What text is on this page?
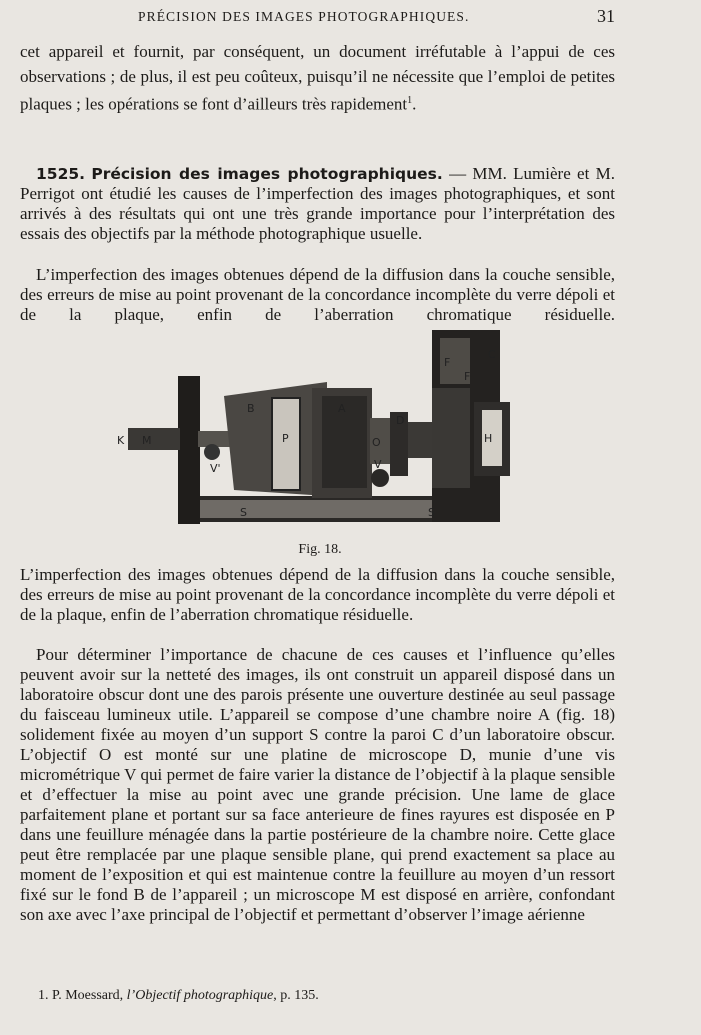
PRÉCISION DES IMAGES PHOTOGRAPHIQUES.	31
cet appareil et fournit, par conséquent, un document irréfutable à l’appui de ces observations ; de plus, il est peu coûteux, puisqu’il ne nécessite que l’emploi de petites plaques ; les opérations se font d’ailleurs très rapidement$^1$.
1525. Précision des images photographiques. — MM. Lumière et M. Perrigot ont étudié les causes de l’imperfection des images photographiques, et sont arrivés à des résultats qui ont une très grande importance pour l’interprétation des essais des objectifs par la méthode photographique usuelle.
L’imperfection des images obtenues dépend de la diffusion dans la couche sensible, des erreurs de mise au point provenant de la concordance incomplète du verre dépoli et de la plaque, enfin de l’aberration chromatique résiduelle.
K M
V'
B
P
A
O
D
V
F
F
C
H
S	S
Fig. 18.
L’imperfection des images obtenues dépend de la diffusion dans la couche sensible, des erreurs de mise au point provenant de la concordance incomplète du verre dépoli et de la plaque, enfin de l’aberration chromatique résiduelle.
Pour déterminer l’importance de chacune de ces causes et l’influence qu’elles peuvent avoir sur la netteté des images, ils ont construit un appareil disposé dans un laboratoire obscur dont une des parois présente une ouverture destinée au seul passage du faisceau lumineux utile. L’appareil se compose d’une chambre noire A (fig. 18) solidement fixée au moyen d’un support S contre la paroi C d’un laboratoire obscur. L’objectif O est monté sur une platine de microscope D, munie d’une vis micrométrique V qui permet de faire varier la distance de l’objectif à la plaque sensible et d’effectuer la mise au point avec une grande précision. Une lame de glace parfaitement plane et portant sur sa face anterieure de fines rayures est disposée en P dans une feuillure ménagée dans la partie postérieure de la chambre noire. Cette glace peut être remplacée par une plaque sensible plane, qui prend exactement sa place au moment de l’exposition et qui est maintenue contre la feuillure au moyen d’un ressort fixé sur le fond B de l’appareil ; un microscope M est disposé en arrière, confondant son axe avec l’axe principal de l’objectif et permettant d’observer l’image aérienne
1. P. Moessard, l’Objectif photographique, p. 135.
